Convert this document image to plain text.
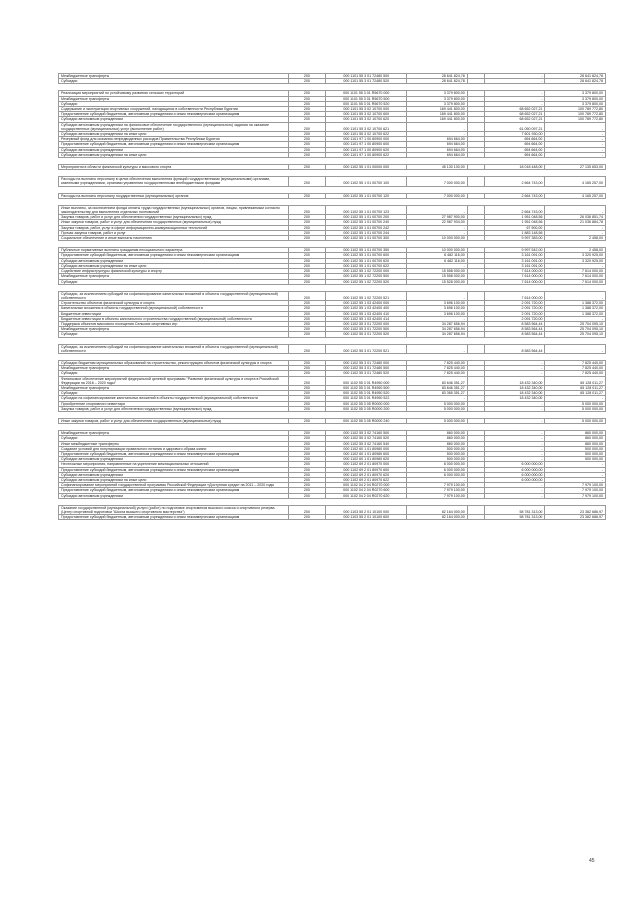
Межбюджетные трансферты	200	000 1101 55 3 01 72480 500	28 641 824,78		-	28 641 824,78
Субсидии	200	000 1101 55 3 01 72480 520	28 641 824,78		-	28 641 824,78

Реализация мероприятий по устойчивому развитию сельских территорий	200	000 1101 55 3 01 R5670 000	3 379 800,00		-	3 379 800,00
Межбюджетные трансферты	200	000 1101 55 3 01 R5670 500	3 379 800,00		-	3 379 800,00
Субсидии	200	000 1101 55 3 01 R5670 520	3 379 800,00		-	3 379 800,00
Содержание и эксплуатация спортивных сооружений, находящихся в собственности Республики Бурятия	200	000 1101 55 3 02 10700 000	169 441 800,00		68 652 027,21	100 789 772,80
Предоставление субсидий бюджетным, автономным учреждениям и иным некоммерческим организациям	200	000 1101 55 3 02 10700 600	169 441 800,00		68 652 027,21	100 789 772,80
Субсидии автономным учреждениям	200	000 1101 55 3 02 10700 620	169 441 800,00		68 652 027,21	100 789 772,80
Субсидии автономным учреждениям на финансовое обеспечение государственного (муниципального) задания на оказание государственных (муниципальных) услуг (выполнение работ)	200	000 1101 55 3 02 10700 621	-		61 050 097,21	-
Субсидии автономным учреждениям на иные цели	200	000 1101 55 3 02 10700 622	-		7 601 930,00	-
Резервный фонд для оказания непредвиденных расходов Правительства Республики Бурятия	200	000 1101 97 1 00 80900 000	694 664,00		694 664,00	-
Предоставление субсидий бюджетным, автономным учреждениям и иным некоммерческим организациям	200	000 1101 97 1 00 80900 600	694 664,00		694 664,00	-
Субсидии автономным учреждениям	200	000 1101 97 1 00 80900 620	694 664,00		694 664,00	-
Субсидии автономным учреждениям на иные цели	200	000 1101 97 1 00 80900 622	694 664,00		694 664,00	-

Мероприятия в области физической культуры и массового спорта	200	000 1102 55 1 01 00000 000	45 130 100,00		18 018 448,00	27 135 653,00

Расходы на выплаты персоналу в целях обеспечения выполнения функций государственными (муниципальными) органами, казенными учреждениями, органами управления государственными внебюджетными фондами	200	000 1102 55 1 01 00700 100	7 000 000,00		2 664 743,00	4 165 257,00

Расходы на выплаты персоналу государственных (муниципальных) органов	200	000 1102 55 1 01 00700 120	7 000 000,00		2 664 743,00	4 165 257,00

Иные выплаты, за исключением фонда оплаты труда государственных (муниципальных) органов, лицам, привлекаемым согласно законодательству для выполнения отдельных полномочий	200	000 1102 55 1 01 00700 123	-		2 664 743,00	-
Закупка товаров, работ и услуг для обеспечения государственных (муниципальных) нужд	200	000 1102 55 1 01 00700 200	27 987 900,00		1 951 048,56	26 036 851,74
Иные закупки товаров, работ и услуг для обеспечения государственных (муниципальных) нужд	200	000 1102 55 1 01 00700 240	22 987 934,00		1 951 048,56	21 036 884,78
Закупка товаров, работ, услуг в сфере информационно-коммуникационных технологий	200	000 1102 55 1 01 00700 242	-		67 900,00	-
Прочая закупка товаров, работ и услуг	200	000 1102 55 1 01 00700 244	-		1 883 148,56	-
Социальное обеспечение и иные выплаты населению	200	000 1102 55 1 01 00700 300	10 000 000,00		9 997 383,00	2 458,00

Публичные нормативные выплаты гражданам несоциального характера	200	000 1102 55 1 01 00700 350	10 000 000,00		9 997 542,00	2 458,00
Предоставление субсидий бюджетным, автономным учреждениям и иным некоммерческим организациям	200	000 1102 55 1 01 00700 600	6 482 116,00		3 161 091,00	3 320 925,00
Субсидии автономным учреждениям	200	000 1102 55 1 01 00700 620	6 482 116,00		3 161 091,00	3 320 925,00
Субсидии автономным учреждениям на иные цели	200	000 1102 55 1 01 00700 622	-		3 161 091,00	-
Содействие инфраструктуры физической культуры и спорту	200	000 1102 55 1 02 72200 000	15 558 000,00		7 614 000,00	7 614 000,00
Межбюджетные трансферты	200	000 1102 55 1 02 72200 500	15 558 000,00		7 614 000,00	7 614 000,00
Субсидии	200	000 1102 55 1 02 72200 520	15 528 000,00		7 614 000,00	7 614 000,00

Субсидии, за исключением субсидий на софинансирование капитальных вложений в объекты государственной (муниципальной) собственности	200	000 1102 55 1 02 72200 521	-		7 614 000,00	-
Строительство объектов физической культуры и спорта	200	000 1102 55 1 03 42400 000	3 696 100,00		2 091 720,00	1 388 372,00
Капитальные вложения в объекты государственной (муниципальной) собственности	200	000 1102 55 1 03 42400 400	3 696 100,00		2 091 720,00	1 388 372,00
Бюджетные инвестиции	200	000 1102 55 1 03 42400 410	3 696 100,00		2 091 720,00	1 388 372,00
Бюджетные инвестиции в объекты капитального строительства государственной (муниципальной) собственности	200	000 1102 55 1 03 42400 414	-		2 091 720,00	-
Поддержка объектов массового посещения Сельских спортивных игр	200	000 1102 55 3 01 72200 000	34 287 656,94		8 583 564,44	25 704 095,10
Межбюджетные трансферты	200	000 1102 55 3 01 72200 500	34 287 656,94		8 583 564,44	25 704 095,10
Субсидии	200	000 1102 55 3 01 72200 520	34 287 656,94		8 583 564,44	25 704 095,10

Субсидии, за исключением субсидий на софинансирование капитальных вложений в объекты государственной (муниципальной) собственности	200	000 1102 55 3 01 72200 521	-		8 583 564,44	-

Субсидии бюджетам муниципальных образований на строительство, реконструкцию объектов физической культуры и спорта	200	000 1102 55 3 01 72480 000	7 825 440,00		-	7 825 440,00
Межбюджетные трансферты	200	000 1102 55 3 01 72480 500	7 825 440,00		-	7 825 440,00
Субсидии	200	000 1102 55 3 01 72480 520	7 825 440,00		-	7 825 440,00
Финансовое обеспечение мероприятий федеральной целевой программы "Развитие физической культуры и спорта в Российской Федерации на 2016 – 2020 годы"	200	000 1102 55 3 01 R4950 000	83 646 351,27		18 432 340,00	65 128 011,27
Межбюджетные трансферты	200	000 1102 55 3 01 R4950 500	83 646 351,27		18 432 340,00	65 128 011,27
Субсидии	200	000 1102 55 3 01 R4950 520	83 365 351,27		18 432 340,00	65 128 011,27
Субсидии на софинансирование капитальных вложений в объекты государственной (муниципальной) собственности	200	000 1102 55 3 01 R4950 522	-		18 432 340,00	-
Приобретение спортивного инвентаря	200	000 1102 55 3 05 R0000 000	5 000 000,00		-	5 000 000,00
Закупка товаров, работ и услуг для обеспечения государственных (муниципальных) нужд	200	000 1102 55 3 05 R0000 200	5 000 000,00		-	5 000 000,00

Иные закупки товаров, работ и услуг для обеспечения государственных (муниципальных) нужд	200	000 1102 55 3 05 R0000 240	5 000 000,00		-	5 000 000,00

Межбюджетные трансферты	200	000 1102 55 3 02 74160 500	860 000,00		-	860 000,00
Субсидии	200	000 1102 55 3 02 74160 520	860 000,00		-	860 000,00
Иные межбюджетные трансферты	200	000 1102 55 3 02 74160 540	860 000,00		-	860 000,00
Создание условий для популяризации правильного питания и здорового образа жизни	200	000 1102 60 1 01 80980 000	500 000,00		-	500 000,00
Предоставление субсидий бюджетным, автономным учреждениям и иным некоммерческим организациям	200	000 1102 60 1 01 80980 600	500 000,00		-	500 000,00
Субсидии автономным учреждениям	200	000 1102 60 1 01 80980 620	500 000,00		-	500 000,00
Неотложные мероприятия, направленные на укрепление межнациональных отношений	200	000 1102 69 2 01 80970 000	6 000 000,00		6 000 000,00	-
Предоставление субсидий бюджетным, автономным учреждениям и иным некоммерческим организациям	200	000 1102 69 2 01 80970 600	6 000 000,00		6 000 000,00	-
Субсидии автономным учреждениям	200	000 1102 69 2 01 80970 620	6 000 000,00		6 000 000,00	-
Субсидии автономным учреждениям на иные цели	200	000 1102 69 2 01 80970 622	-		6 000 000,00	-
Софинансирование мероприятий государственной программы Российской Федерации «Доступная среда» на 2011 – 2020 годы	200	000 1102 04 2 04 R0270 000	7 979 100,00		-	7 979 100,00
Предоставление субсидий бюджетным, автономным учреждениям и иным некоммерческим организациям	200	000 1102 04 2 04 R0270 600	7 979 100,00		-	7 979 100,00
Субсидии автономным учреждениям	200	000 1102 04 2 04 R0270 620	7 979 100,00		-	7 979 100,00

Оказание государственной (муниципальной) услуги (работ) по подготовке спортсменов высокого класса и спортивного резерва (Центр спортивной подготовки "Школа высшего спортивного мастерства")	200	000 1103 55 2 01 10100 000	82 164 000,00		58 781 313,00	23 382 686,97
Предоставление субсидий бюджетным, автономным учреждениям и иным некоммерческим организациям	200	000 1103 55 2 01 10100 600	82 164 000,00		58 781 313,00	23 382 686,97
45
